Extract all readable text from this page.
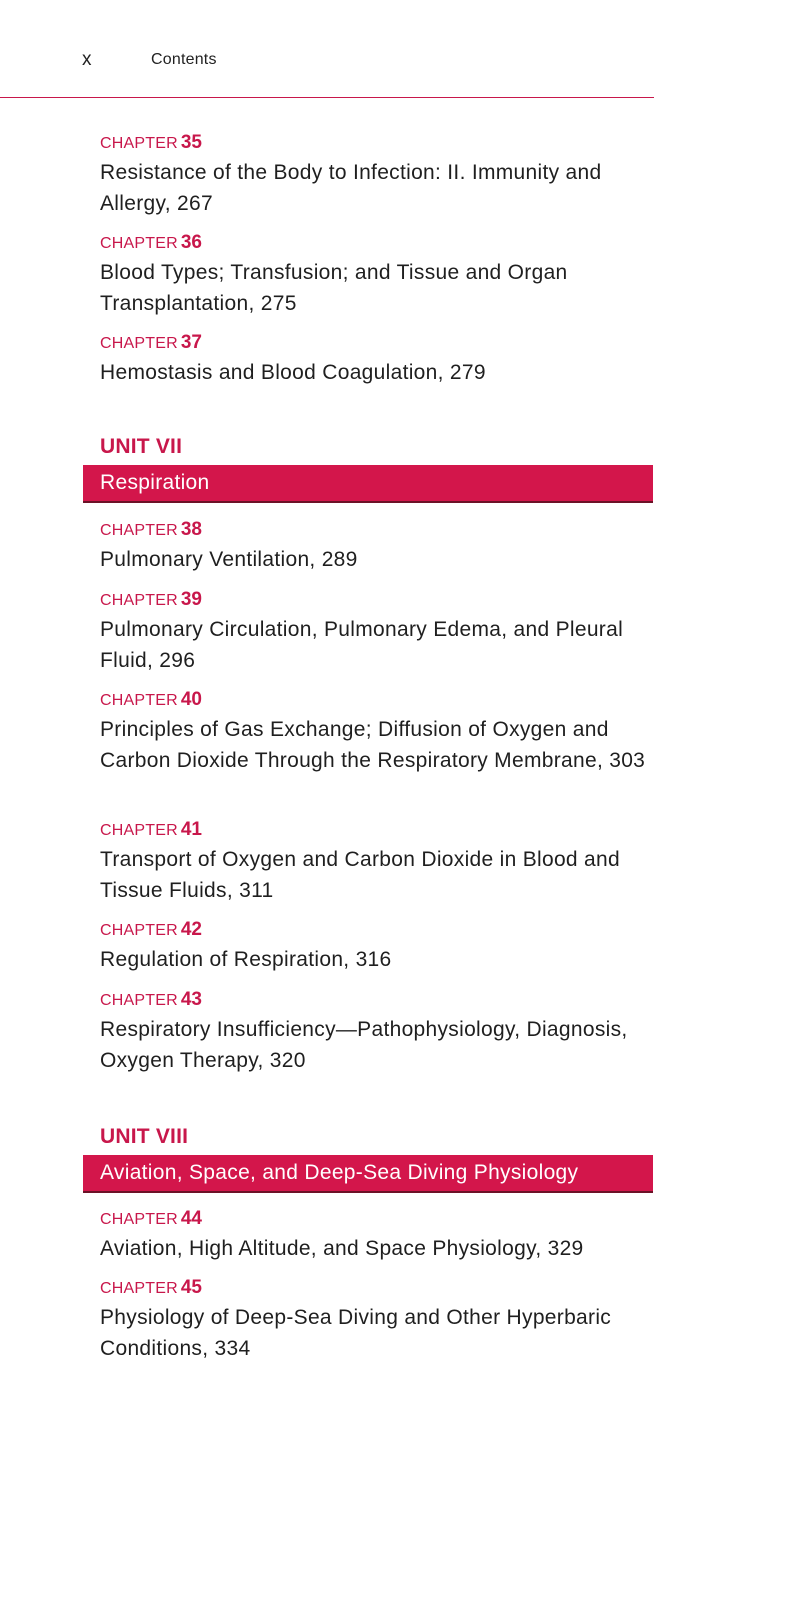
x	Contents
CHAPTER 35
Resistance of the Body to Infection: II. Immunity and Allergy, 267
CHAPTER 36
Blood Types; Transfusion; and Tissue and Organ Transplantation, 275
CHAPTER 37
Hemostasis and Blood Coagulation, 279
UNIT VII
Respiration
CHAPTER 38
Pulmonary Ventilation, 289
CHAPTER 39
Pulmonary Circulation, Pulmonary Edema, and Pleural Fluid, 296
CHAPTER 40
Principles of Gas Exchange; Diffusion of Oxygen and Carbon Dioxide Through the Respiratory Membrane, 303
CHAPTER 41
Transport of Oxygen and Carbon Dioxide in Blood and Tissue Fluids, 311
CHAPTER 42
Regulation of Respiration, 316
CHAPTER 43
Respiratory Insufficiency—Pathophysiology, Diagnosis, Oxygen Therapy, 320
UNIT VIII
Aviation, Space, and Deep-Sea Diving Physiology
CHAPTER 44
Aviation, High Altitude, and Space Physiology, 329
CHAPTER 45
Physiology of Deep-Sea Diving and Other Hyperbaric Conditions, 334
